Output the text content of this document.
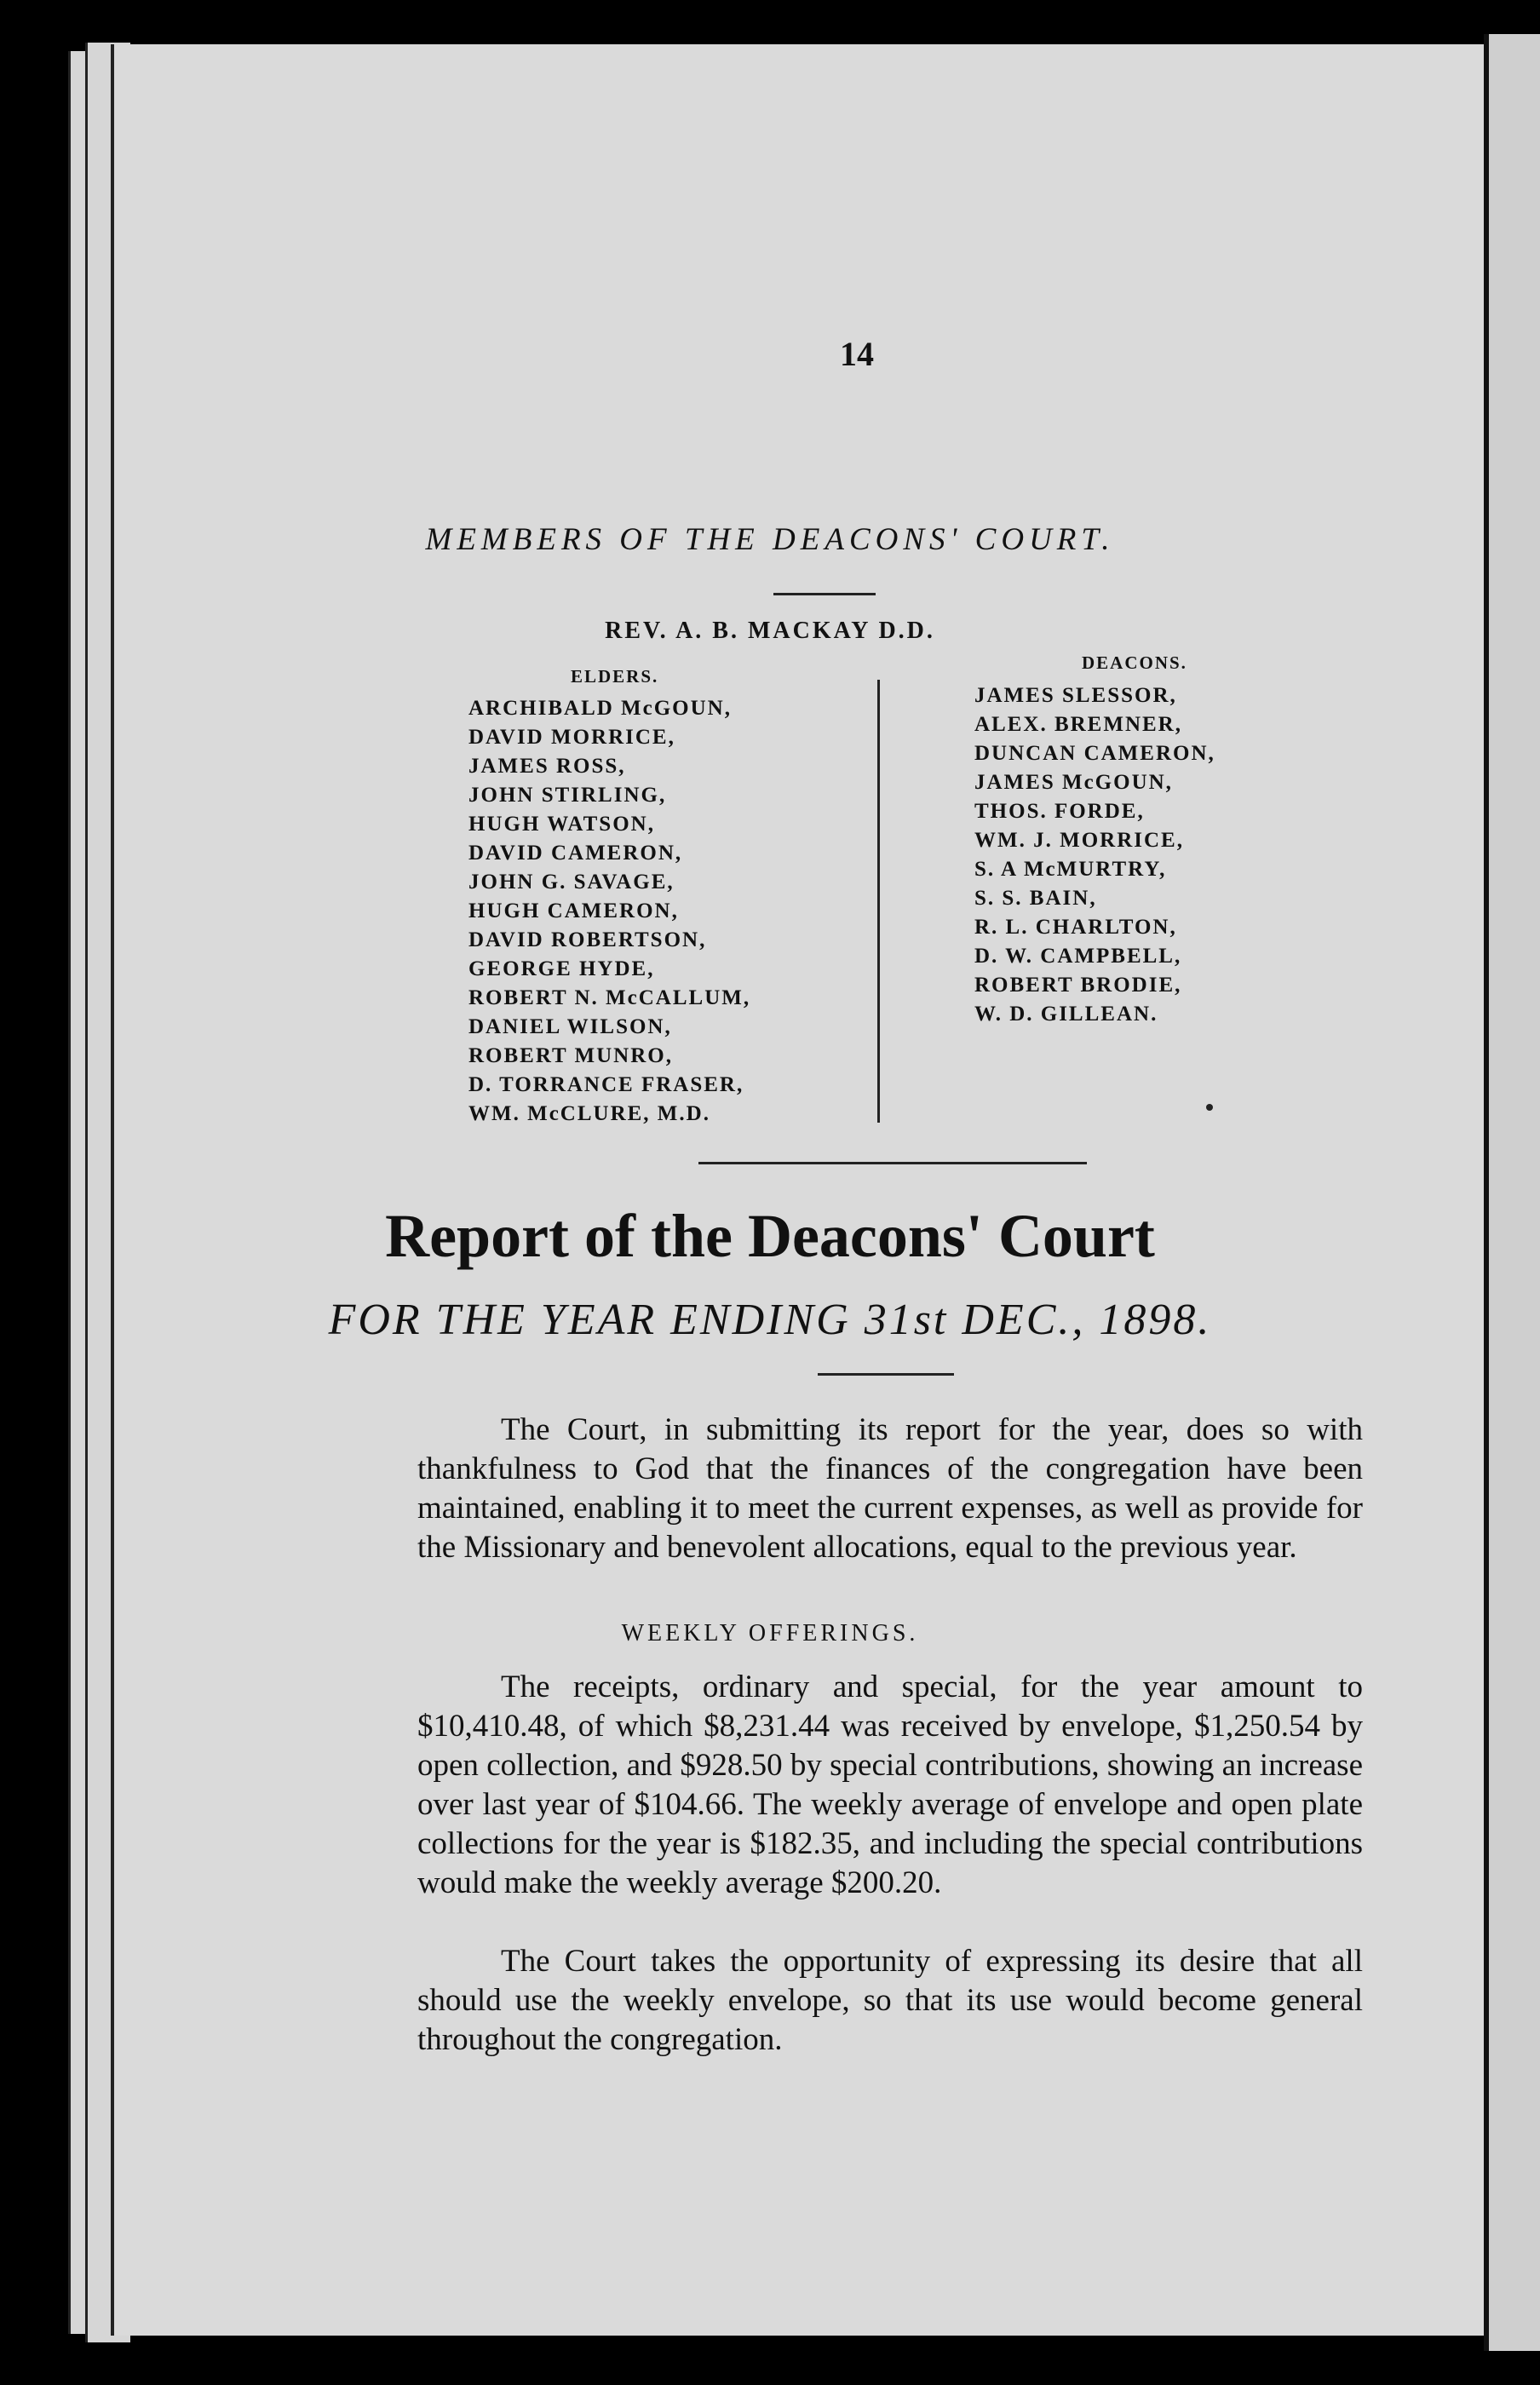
14
MEMBERS OF THE DEACONS' COURT.
REV. A. B. MACKAY D.D.
ELDERS.
DEACONS.
ARCHIBALD McGOUN,
DAVID MORRICE,
JAMES ROSS,
JOHN STIRLING,
HUGH WATSON,
DAVID CAMERON,
JOHN G. SAVAGE,
HUGH CAMERON,
DAVID ROBERTSON,
GEORGE HYDE,
ROBERT N. McCALLUM,
DANIEL WILSON,
ROBERT MUNRO,
D. TORRANCE FRASER,
WM. McCLURE, M.D.
JAMES SLESSOR,
ALEX. BREMNER,
DUNCAN CAMERON,
JAMES McGOUN,
THOS. FORDE,
WM. J. MORRICE,
S. A McMURTRY,
S. S. BAIN,
R. L. CHARLTON,
D. W. CAMPBELL,
ROBERT BRODIE,
W. D. GILLEAN.
Report of the Deacons' Court
FOR THE YEAR ENDING 31st DEC., 1898.

The Court, in submitting its report for the year, does so with thankfulness to God that the finances of the congregation have been maintained, enabling it to meet the current expenses, as well as provide for the Missionary and benevolent allocations, equal to the previous year.

WEEKLY OFFERINGS.

The receipts, ordinary and special, for the year amount to $10,410.48, of which $8,231.44 was received by envelope, $1,250.54 by open collection, and $928.50 by special contributions, showing an increase over last year of $104.66. The weekly average of envelope and open plate collections for the year is $182.35, and including the special contributions would make the weekly average $200.20.

The Court takes the opportunity of expressing its desire that all should use the weekly envelope, so that its use would become general throughout the congregation.
